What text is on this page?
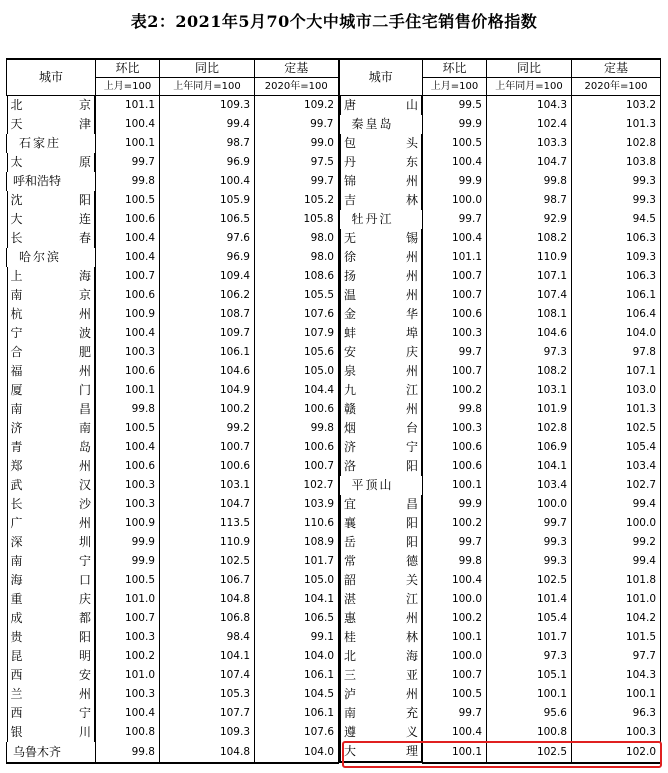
表2：2021年5月70个大中城市二手住宅销售价格指数
城市	环比	同比	定基	城市	环比	同比	定基
	上月=100	上年同月=100	2020年=100		上月=100	上年同月=100	2020年=100

北	京	101.1	109.3	109.2	唐	山	99.5	104.3	103.2

天	津	100.4	99.4	99.7	秦皇岛	99.9	102.4	101.3
石家庄	100.1	98.7	99.0	包	头	100.5	103.3	102.8

太	原	99.7	96.9	97.5	丹	东	100.4	104.7	103.8
呼和浩特	99.8	100.4	99.7	锦	州	99.9	99.8	99.3

沈	阳	100.5	105.9	105.2	吉	林	100.0	98.7	99.3

大	连	100.6	106.5	105.8	牡丹江	99.7	92.9	94.5

长	春	100.4	97.6	98.0	无	锡	100.4	108.2	106.3
哈尔滨	100.4	96.9	98.0	徐	州	101.1	110.9	109.3

上	海	100.7	109.4	108.6	扬	州	100.7	107.1	106.3

南	京	100.6	106.2	105.5	温	州	100.7	107.4	106.1

杭	州	100.9	108.7	107.6	金	华	100.6	108.1	106.4

宁	波	100.4	109.7	107.9	蚌	埠	100.3	104.6	104.0

合	肥	100.3	106.1	105.6	安	庆	99.7	97.3	97.8

福	州	100.6	104.6	105.0	泉	州	100.7	108.2	107.1

厦	门	100.1	104.9	104.4	九	江	100.2	103.1	103.0

南	昌	99.8	100.2	100.6	赣	州	99.8	101.9	101.3

济	南	100.5	99.2	99.8	烟	台	100.3	102.8	102.5

青	岛	100.4	100.7	100.6	济	宁	100.6	106.9	105.4

郑	州	100.6	100.6	100.7	洛	阳	100.6	104.1	103.4

武	汉	100.3	103.1	102.7	平顶山	100.1	103.4	102.7

长	沙	100.3	104.7	103.9	宜	昌	99.9	100.0	99.4

广	州	100.9	113.5	110.6	襄	阳	100.2	99.7	100.0

深	圳	99.9	110.9	108.9	岳	阳	99.7	99.3	99.2

南	宁	99.9	102.5	101.7	常	德	99.8	99.3	99.4

海	口	100.5	106.7	105.0	韶	关	100.4	102.5	101.8

重	庆	101.0	104.8	104.1	湛	江	100.0	101.4	101.0

成	都	100.7	106.8	106.5	惠	州	100.2	105.4	104.2

贵	阳	100.3	98.4	99.1	桂	林	100.1	101.7	101.5

昆	明	100.2	104.1	104.0	北	海	100.0	97.3	97.7

西	安	101.0	107.4	106.1	三	亚	100.7	105.1	104.3

兰	州	100.3	105.3	104.5	泸	州	100.5	100.1	100.1

西	宁	100.4	107.7	106.1	南	充	99.7	95.6	96.3

银	川	100.8	109.3	107.6	遵	义	100.4	100.8	100.3
乌鲁木齐	99.8	104.8	104.0	大	理	100.1	102.5	102.0
